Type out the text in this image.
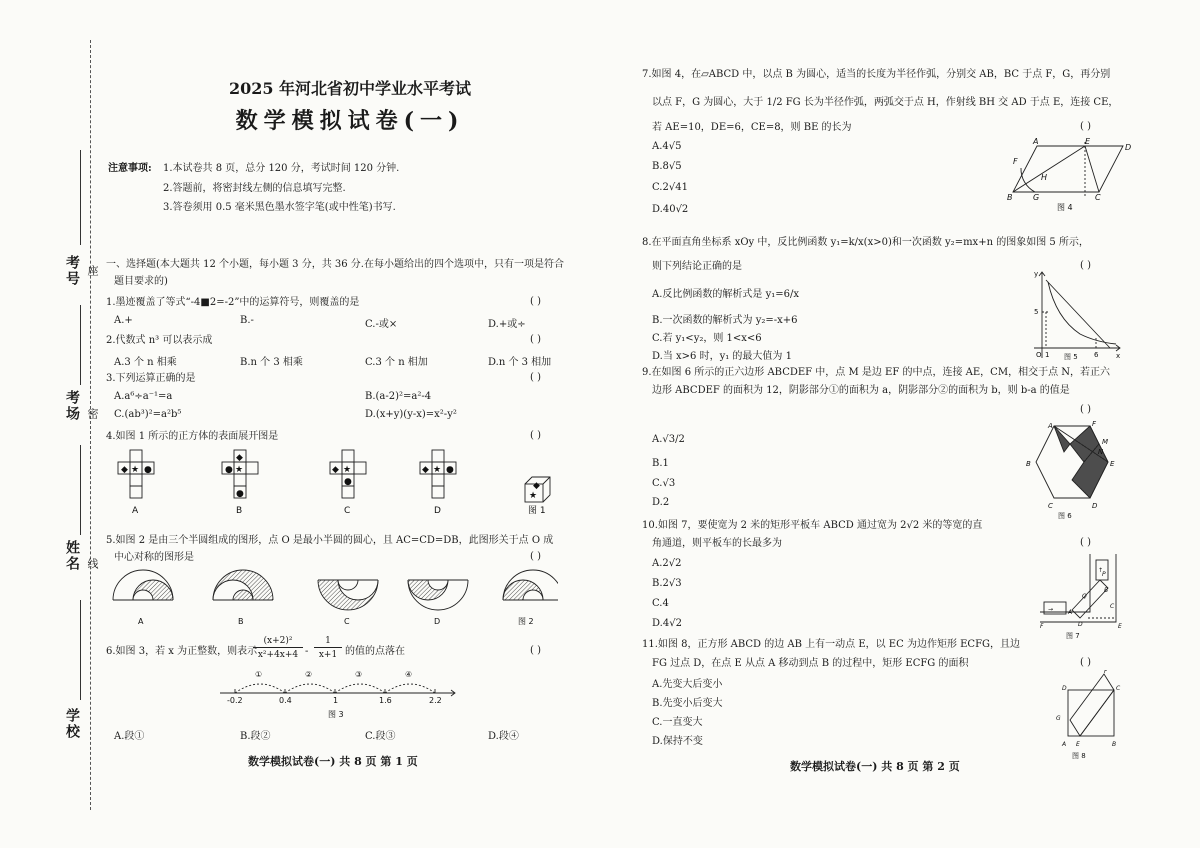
考号 座
考场 密
姓名 线
学校
2025 年河北省初中学业水平考试
数学模拟试卷(一)
注意事项: 1.本试卷共 8 页，总分 120 分，考试时间 120 分钟.
2.答题前，将密封线左侧的信息填写完整.
3.答卷须用 0.5 毫米黑色墨水签字笔(或中性笔)书写.
一、选择题(本大题共 12 个小题，每小题 3 分，共 36 分.在每小题给出的四个选项中，只有一项是符合
题目要求的)
1.墨迹覆盖了等式“-4■2=-2”中的运算符号，则覆盖的是	( )
A.+	B.-	C.-或×	D.+或÷
2.代数式 n³ 可以表示成	( )
A.3 个 n 相乘	B.n 个 3 相乘	C.3 个 n 相加	D.n 个 3 相加
3.下列运算正确的是	( )
A.a⁶÷a⁻¹=a	B.(a-2)²=a²-4
C.(ab³)²=a²b⁵	D.(x+y)(y-x)=x²-y²
4.如图 1 所示的正方体的表面展开图是	( )
★ ●
◆	★
●
◆
●
★
◆
●
◆ ★ ●
★
◆
A	B	C	D	图 1
5.如图 2 是由三个半圆组成的图形，点 O 是最小半圆的圆心，且 AC=CD=DB，此图形关于点 O 成
中心对称的图形是	( )
A	B	C	D	图 2
6.如图 3，若 x 为正整数，则表示
(x+2)²
x²+4x+4 -
1
x+1 的值的点落在	( )
①	②	③	④
-0.2	0.4	1	1.6	2.2
图 3
A.段①	B.段②	C.段③	D.段④
数学模拟试卷(一) 共 8 页 第 1 页
7.如图 4，在▱ABCD 中，以点 B 为圆心，适当的长度为半径作弧，分别交 AB，BC 于点 F，G，再分别
以点 F，G 为圆心，大于 1/2 FG 长为半径作弧，两弧交于点 H，作射线 BH 交 AD 于点 E，连接 CE，
若 AE=10，DE=6，CE=8，则 BE 的长为	( )
A.4√5
B.8√5
C.2√41
D.40√2
A	E
D
B	G	C
F
H
图 4
8.在平面直角坐标系 xOy 中，反比例函数 y₁=k/x(x>0)和一次函数 y₂=mx+n 的图象如图 5 所示，
则下列结论正确的是	( )
A.反比例函数的解析式是 y₁=6/x
B.一次函数的解析式为 y₂=-x+6
C.若 y₁<y₂，则 1<x<6
D.当 x>6 时，y₁ 的最大值为 1
y
x
5
O 1	6
图 5
9.在如图 6 所示的正六边形 ABCDEF 中，点 M 是边 EF 的中点，连接 AE，CM，相交于点 N，若正六
边形 ABCDEF 的面积为 12，阴影部分①的面积为 a，阴影部分②的面积为 b，则 b-a 的值是
( )
A.√3/2
B.1
C.√3
D.2
A	F
M
N
E
B
D
C
图 6
10.如图 7，要使宽为 2 米的矩形平板车 ABCD 通过宽为 2√2 米的等宽的直
角通道，则平板车的长最多为	( )
A.2√2
B.2√3
C.4
D.4√2
↑
→
Q
P
A
B
C
D
F	E
图 7
11.如图 8，正方形 ABCD 的边 AB 上有一动点 E，以 EC 为边作矩形 ECFG，且边
FG 过点 D，在点 E 从点 A 移动到点 B 的过程中，矩形 ECFG 的面积	( )
A.先变大后变小
B.先变小后变大
C.一直变大
D.保持不变
F
D	C
G
A E	B
图 8
数学模拟试卷(一) 共 8 页 第 2 页
